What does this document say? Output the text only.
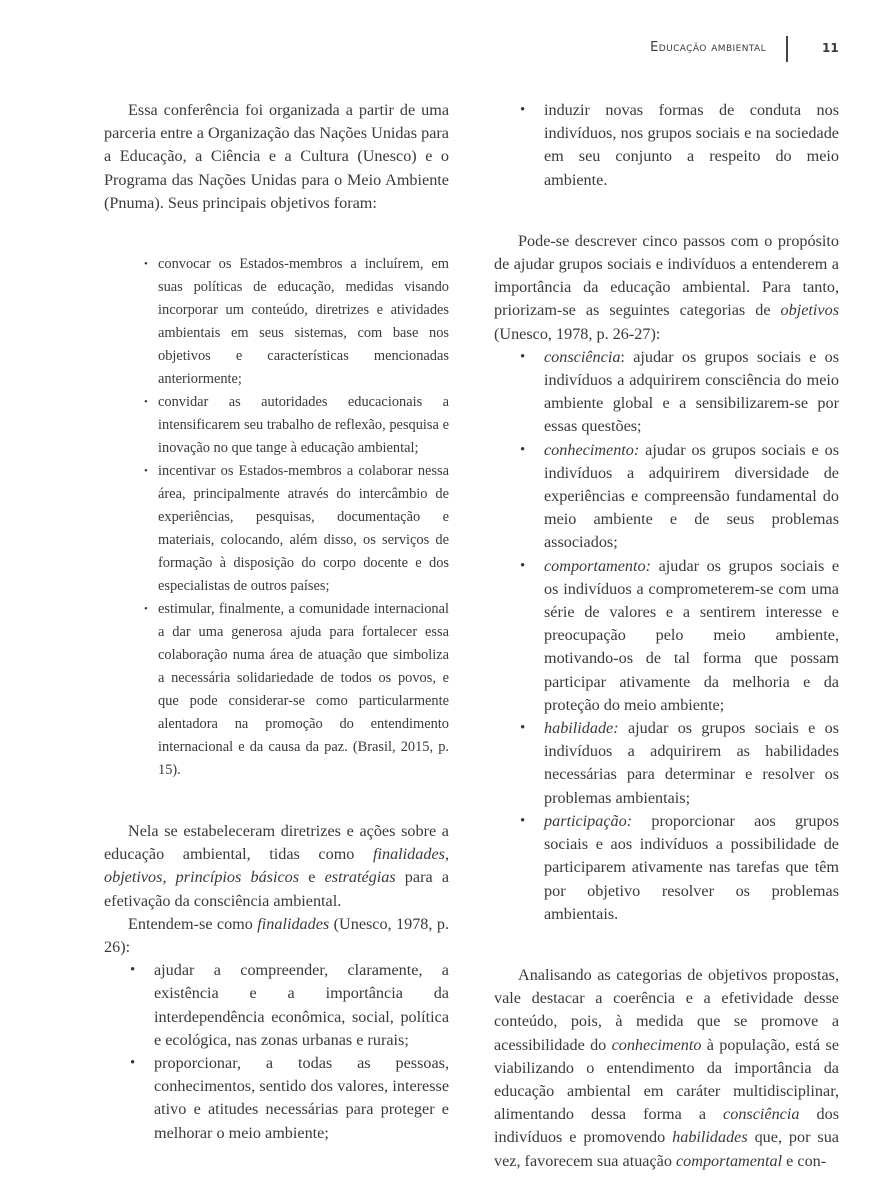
Educação ambiental	11

Essa conferência foi organizada a partir de uma parceria entre a Organização das Nações Unidas para a Educação, a Ciência e a Cultura (Unesco) e o Programa das Nações Unidas para o Meio Ambiente (Pnuma). Seus principais objetivos foram:

• convocar os Estados-membros a incluírem, em suas políticas de educação, medidas visando incorporar um conteúdo, diretrizes e atividades ambientais em seus sistemas, com base nos objetivos e características mencionadas anteriormente;
• convidar as autoridades educacionais a intensificarem seu trabalho de reflexão, pesquisa e inovação no que tange à educação ambiental;
• incentivar os Estados-membros a colaborar nessa área, principalmente através do intercâmbio de experiências, pesquisas, documentação e materiais, colocando, além disso, os serviços de formação à disposição do corpo docente e dos especialistas de outros países;
• estimular, finalmente, a comunidade internacional a dar uma generosa ajuda para fortalecer essa colaboração numa área de atuação que simboliza a necessária solidariedade de todos os povos, e que pode considerar-se como particularmente alentadora na promoção do entendimento internacional e da causa da paz. (Brasil, 2015, p. 15).

Nela se estabeleceram diretrizes e ações sobre a educação ambiental, tidas como finalidades, objetivos, princípios básicos e estratégias para a efetivação da consciência ambiental.

Entendem-se como finalidades (Unesco, 1978, p. 26):

• ajudar a compreender, claramente, a existência e a importância da interdependência econômica, social, política e ecológica, nas zonas urbanas e rurais;
• proporcionar, a todas as pessoas, conhecimentos, sentido dos valores, interesse ativo e atitudes necessárias para proteger e melhorar o meio ambiente;
• induzir novas formas de conduta nos indivíduos, nos grupos sociais e na sociedade em seu conjunto a respeito do meio ambiente.

Pode-se descrever cinco passos com o propósito de ajudar grupos sociais e indivíduos a entenderem a importância da educação ambiental. Para tanto, priorizam-se as seguintes categorias de objetivos (Unesco, 1978, p. 26-27):

• consciência: ajudar os grupos sociais e os indivíduos a adquirirem consciência do meio ambiente global e a sensibilizarem-se por essas questões;
• conhecimento: ajudar os grupos sociais e os indivíduos a adquirirem diversidade de experiências e compreensão fundamental do meio ambiente e de seus problemas associados;
• comportamento: ajudar os grupos sociais e os indivíduos a comprometerem-se com uma série de valores e a sentirem interesse e preocupação pelo meio ambiente, motivando-os de tal forma que possam participar ativamente da melhoria e da proteção do meio ambiente;
• habilidade: ajudar os grupos sociais e os indivíduos a adquirirem as habilidades necessárias para determinar e resolver os problemas ambientais;
• participação: proporcionar aos grupos sociais e aos indivíduos a possibilidade de participarem ativamente nas tarefas que têm por objetivo resolver os problemas ambientais.

Analisando as categorias de objetivos propostas, vale destacar a coerência e a efetividade desse conteúdo, pois, à medida que se promove a acessibilidade do conhecimento à população, está se viabilizando o entendimento da importância da educação ambiental em caráter multidisciplinar, alimentando dessa forma a consciência dos indivíduos e promovendo habilidades que, por sua vez, favorecem sua atuação comportamental e con-
